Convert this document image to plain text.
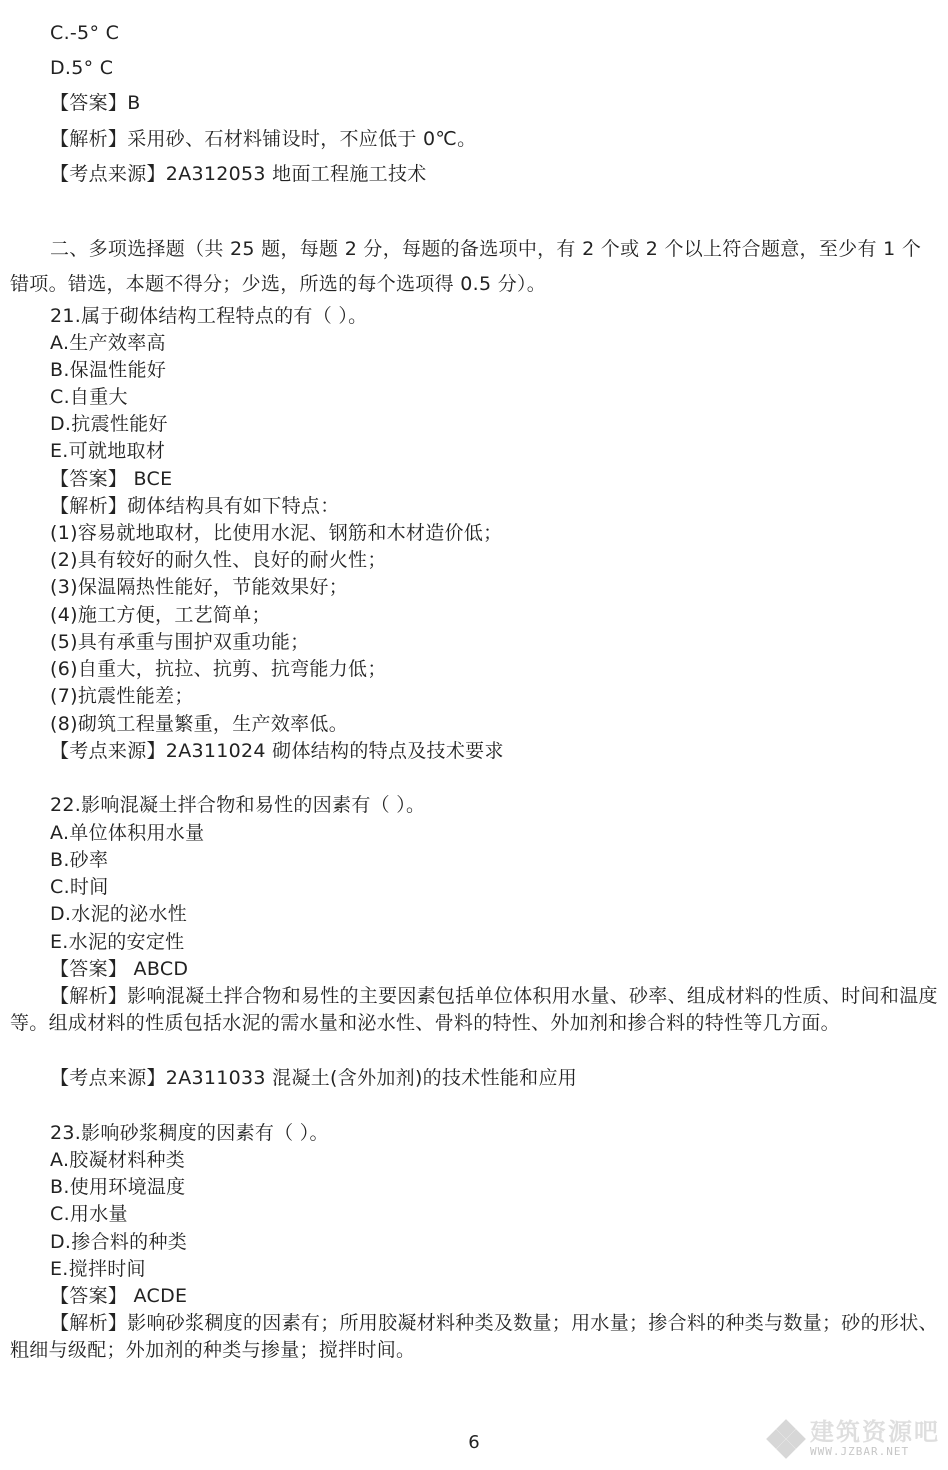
C.-5° C
D.5° C
【答案】B
【解析】采用砂、石材料铺设时，不应低于 0℃。
【考点来源】2A312053 地面工程施工技术
二、多项选择题（共 25 题，每题 2 分，每题的备选项中，有 2 个或 2 个以上符合题意，至少有 1 个错项。错选，本题不得分；少选，所选的每个选项得 0.5 分）。
21.属于砌体结构工程特点的有（ ）。
A.生产效率高
B.保温性能好
C.自重大
D.抗震性能好
E.可就地取材
【答案】 BCE
【解析】砌体结构具有如下特点：
(1)容易就地取材，比使用水泥、钢筋和木材造价低；
(2)具有较好的耐久性、良好的耐火性；
(3)保温隔热性能好，节能效果好；
(4)施工方便，工艺简单；
(5)具有承重与围护双重功能；
(6)自重大，抗拉、抗剪、抗弯能力低；
(7)抗震性能差；
(8)砌筑工程量繁重，生产效率低。
【考点来源】2A311024 砌体结构的特点及技术要求
22.影响混凝土拌合物和易性的因素有（ ）。
A.单位体积用水量
B.砂率
C.时间
D.水泥的泌水性
E.水泥的安定性
【答案】 ABCD
【解析】影响混凝土拌合物和易性的主要因素包括单位体积用水量、砂率、组成材料的性质、时间和温度等。组成材料的性质包括水泥的需水量和泌水性、骨料的特性、外加剂和掺合料的特性等几方面。
【考点来源】2A311033 混凝土(含外加剂)的技术性能和应用
23.影响砂浆稠度的因素有（ ）。
A.胶凝材料种类
B.使用环境温度
C.用水量
D.掺合料的种类
E.搅拌时间
【答案】 ACDE
【解析】影响砂浆稠度的因素有；所用胶凝材料种类及数量；用水量；掺合料的种类与数量；砂的形状、粗细与级配；外加剂的种类与掺量；搅拌时间。
6	建筑资源吧
WWW.JZBAR.NET
